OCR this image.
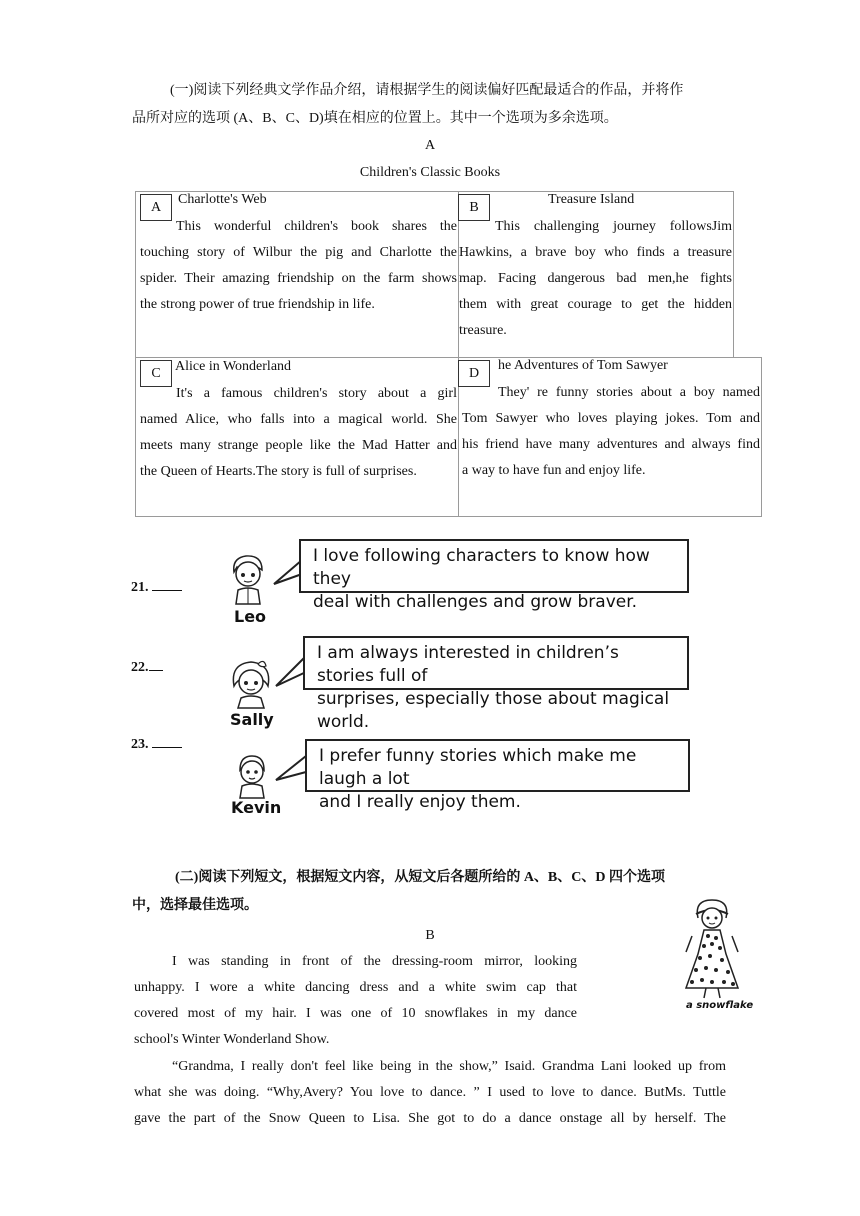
(一)阅读下列经典文学作品介绍，请根据学生的阅读偏好匹配最适合的作品，并将作
品所对应的选项 (A、B、C、D)填在相应的位置上。其中一个选项为多余选项。
A
Children's Classic Books
A
Charlotte's Web
This wonderful children's book shares the
touching story of Wilbur the pig and Charlotte the
spider. Their amazing friendship on the farm shows
the strong power of true friendship in life.
B
Treasure Island
This challenging journey followsJim
Hawkins, a brave boy who finds a treasure
map. Facing dangerous bad men,he fights
them with great courage to get the hidden
treasure.
C	Alice in Wonderland
It's a famous children's story about a girl
named Alice, who falls into a magical world. She
meets many strange people like the Mad Hatter and
the Queen of Hearts.The story is full of surprises.
D
he Adventures of Tom Sawyer
They' re funny stories about a boy named
Tom Sawyer who loves playing jokes. Tom and
his friend have many adventures and always find
a way to have fun and enjoy life.
21.
Leo
I love following characters to know how they
deal with challenges and grow braver.
22.
Sally
I am always interested in children’s stories full of
surprises, especially those about magical world.
23.
Kevin
I prefer funny stories which make me laugh a lot
and I really enjoy them.
(二)阅读下列短文，根据短文内容，从短文后各题所给的 A、B、C、D 四个选项
中，选择最佳选项。
B
a snowflake
I was standing in front of the dressing-room mirror, looking
unhappy. I wore a white dancing dress and a white swim cap that
covered most of my hair. I was one of 10 snowflakes in my dance
school's Winter Wonderland Show.
“Grandma, I really don't feel like being in the show,” Isaid. Grandma Lani looked up from
what she was doing. “Why,Avery? You love to dance. ” I used to love to dance. ButMs. Tuttle
gave the part of the Snow Queen to Lisa. She got to do a dance onstage all by herself. The
